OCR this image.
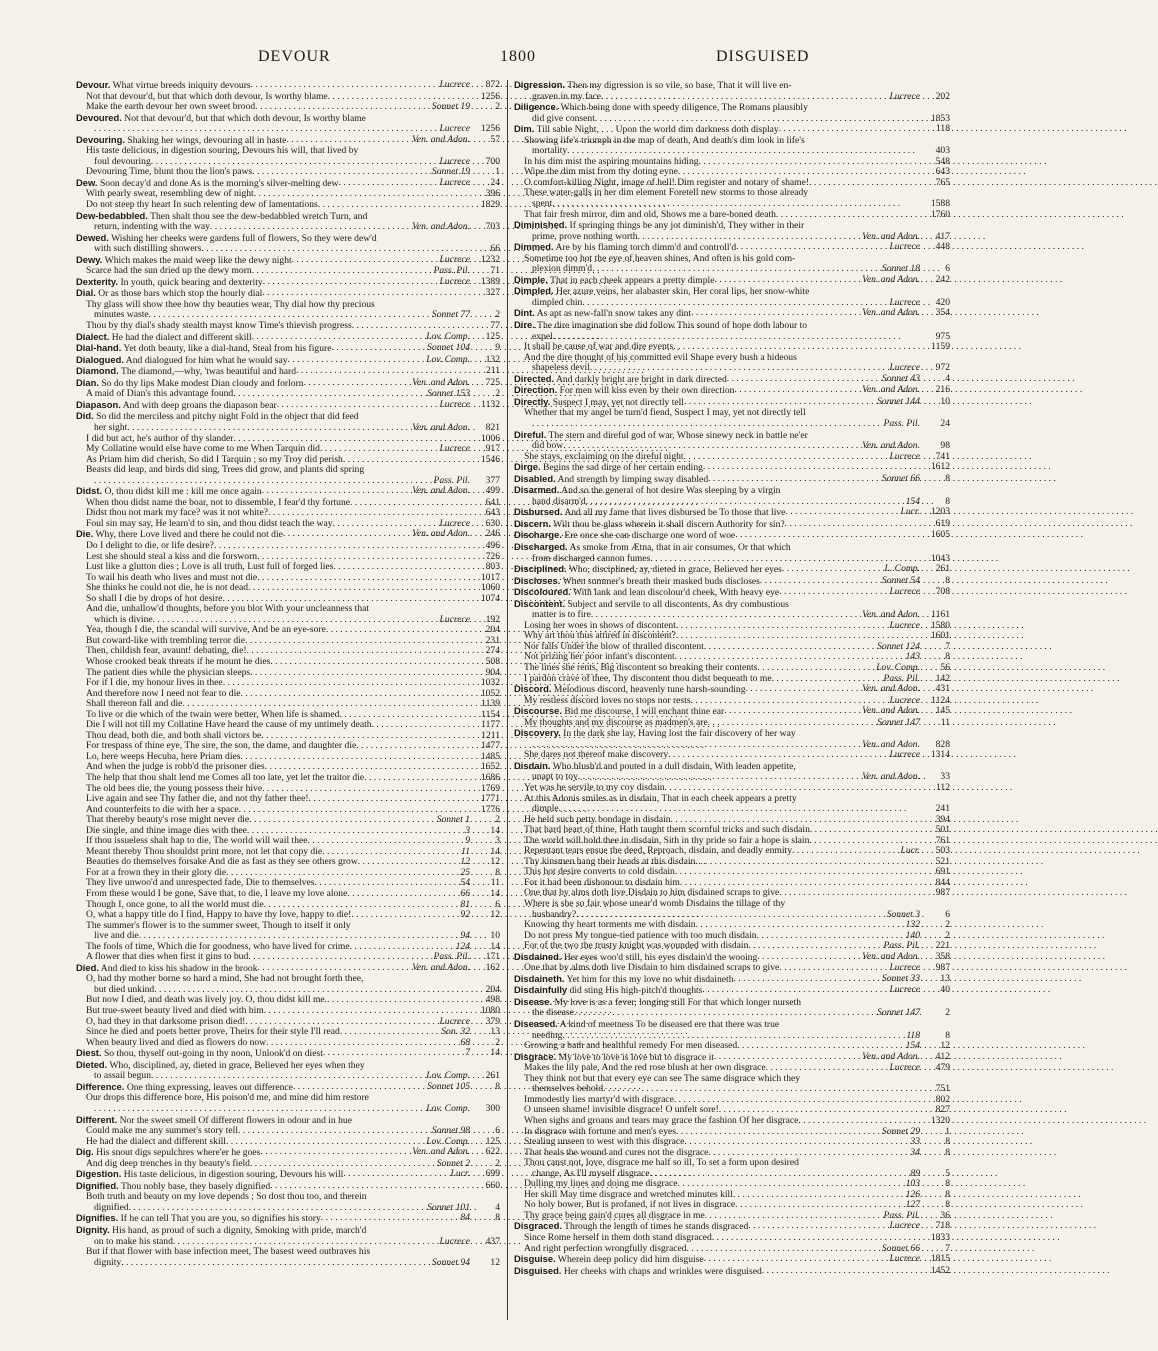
DEVOUR	1800	DISGUISED
Devour. What virtue breeds iniquity devours . . .	Lucrece	872
Not that devour'd, but that which doth devour, Is worthy blame . . .	1256
Make the earth devour her own sweet brood . . .	Sonnet 19	2
Devoured. Not that devour'd, but that which doth devour, Is worthy blame
. . .
Lucrece	1256
Devouring. Shaking her wings, devouring all in haste . . .	Ven. and Adon.	57
His taste delicious, in digestion souring, Devours his will, that lived by
foul devouring . . .	Lucrece	700
Devouring Time, blunt thou the lion's paws . . .	Sonnet 19	1
Dew. Soon decay'd and done As is the morning's silver-melting dew . . .	Lucrece	24
With pearly sweat, resembling dew of night . . .	396
Do not steep thy heart In such relenting dew of lamentations . . .	1829
Dew-bedabbled. Then shalt thou see the dew-bedabbled wretch Turn, and
return, indenting with the way . . .	Ven. and Adon.	703
Dewed. Wishing her cheeks were gardens full of flowers, So they were dew'd
with such distilling showers . . .	66
Dewy. Which makes the maid weep like the dewy night . . .	Lucrece	1232
Scarce had the sun dried up the dewy morn . . .	Pass. Pil.	71
Dexterity. In youth, quick bearing and dexterity . . .	Lucrece	1389
Dial. Or as those bars which stop the hourly dial . . .	327
Thy glass will show thee how thy beauties wear, Thy dial how thy precious
minutes waste . . .	Sonnet 77	2
Thou by thy dial's shady stealth mayst know Time's thievish progress . . .	77
Dialect. He had the dialect and different skill . . .	Lov. Comp.	125
Dial-hand. Yet doth beauty, like a dial-hand, Steal from his figure . . .	Sonnet 104	9
Dialogued. And dialogued for him what he would say . . .	Lov. Comp.	132
Diamond. The diamond,—why, 'twas beautiful and hard . . .	211
Dian. So do thy lips Make modest Dian cloudy and forlorn . . .	Ven. and Adon.	725
A maid of Dian's this advantage found . . .	Sonnet 153	2
Diapason. And with deep groans the diapason bear . . .	Lucrece	1132
Did. So did the merciless and pitchy night Fold in the object that did feed
her sight . . .	Ven. and Adon.	821
I did but act, he's author of thy slander . . .	1006
My Collatine would else have come to me When Tarquin did . . .	Lucrece	917
As Priam him did cherish, So did I Tarquin ; so my Troy did perish . . .	1546
Beasts did leap, and birds did sing, Trees did grow, and plants did spring
. . .
Pass. Pil.	377
Didst. O, thou didst kill me : kill me once again . . .	Ven. and Adon.	499
When thou didst name the boar, not to dissemble, I fear'd thy fortune . . .	641
Didst thou not mark my face? was it not white? . . .	643
Foul sin may say, He learn'd to sin, and thou didst teach the way . . .	Lucrece	630
Die. Why, there Love lived and there he could not die . . .	Ven. and Adon.	246
Do I delight to die, or life desire? . . .	496
Lest she should steal a kiss and die forsworn . . .	726
Lust like a glutton dies ; Love is all truth, Lust full of forged lies . . .	803
To wail his death who lives and must not die . . .	1017
She thinks he could not die, he is not dead . . .	1060
So shall I die by drops of hot desire . . .	1074
And die, unhallow'd thoughts, before you blot With your uncleanness that
which is divine . . .	Lucrece	192
Yea, though I die, the scandal will survive, And be an eye-sore . . .	204
But coward-like with trembling terror die . . .	231
Then, childish fear, avaunt! debating, die! . . .	274
Whose crooked beak threats if he mount he dies . . .	508
The patient dies while the physician sleeps . . .	904
For if I die, my honour lives in thee . . .	1032
And therefore now I need not fear to die . . .	1052
Shall thereon fall and die . . .	1139
To live or die which of the twain were better, When life is shamed . . .	1154
Die I will not till my Collatine Have heard the cause of my untimely death . . .	1177
Thou dead, both die, and both shall victors be . . .	1211
For trespass of thine eye, The sire, the son, the dame, and daughter die . . .	1477
Lo, here weeps Hecuba, here Priam dies . . .	1485
And when the judge is robb'd the prisoner dies . . .	1652
The help that thou shalt lend me Comes all too late, yet let the traitor die . . .	1686
The old bees die, the young possess their hive . . .	1769
Live again and see Thy father die, and not thy father thee! . . .	1771
And counterfeits to die with her a space . . .	1776
That thereby beauty's rose might never die . . .	Sonnet 1	2
Die single, and thine image dies with thee . . .	3	14
If thou issueless shalt hap to die, The world will wail thee . . .	9	3
Meant thereby Thou shouldst print more, not let that copy die . . .	11	14
Beauties do themselves forsake And die as fast as they see others grow . . .	12	12
For at a frown they in their glory die . . .	25	8
They live unwoo'd and unrespected fade, Die to themselves . . .	54	11
From these would I be gone, Save that, to die, I leave my love alone . . .	66	14
Though I, once gone, to all the world must die . . .	81	6
O, what a happy title do I find, Happy to have thy love, happy to die! . . .	92	12
The summer's flower is to the summer sweet, Though to itself it only
live and die . . .	94	10
The fools of time, Which die for goodness, who have lived for crime . . .	124	14
A flower that dies when first it gins to bud . . .	Pass. Pil.	171
Died. And died to kiss his shadow in the brook . . .	Ven. and Adon.	162
O, had thy mother borne so hard a mind, She had not brought forth thee,
but died unkind . . .	204
But now I died, and death was lively joy. O, thou didst kill me. . . .	498
But true-sweet beauty lived and died with him . . .	1080
O, had they in that darksome prison died! . . .	Lucrece	379
Since he died and poets better prove, Theirs for their style I'll read . . .	Son. 32	13
When beauty lived and died as flowers do now . . .	68	2
Diest. So thou, thyself out-going in thy noon, Unlook'd on diest . . .	7	14
Dieted. Who, disciplined, ay, dieted in grace, Believed her eyes when they
to assail begun . . .	Lov. Comp.	261
Difference. One thing expressing, leaves out difference . . .	Sonnet 105	8
Our drops this difference bore, His poison'd me, and mine did him restore
. . .
Lov. Comp.	300
Different. Nor the sweet smell Of different flowers in odour and in hue
Could make me any summer's story tell . . .	Sonnet 98	6
He had the dialect and different skill . . .	Lov. Comp.	125
Dig. His snout digs sepulchres where'er he goes . . .	Ven. and Adon.	622
And dig deep trenches in thy beauty's field . . .	Sonnet 2	2
Digestion. His taste delicious, in digestion souring, Devours his will . . .	Lucr.	699
Dignified. Thou nobly base, they basely dignified . . .	660
Both truth and beauty on my love depends ; So dost thou too, and therein
dignified . . .	Sonnet 101	4
Dignifies. If he can tell That you are you, so dignifies his story . . .	84	8
Dignity. His hand, as proud of such a dignity, Smoking with pride, march'd
on to make his stand . . .	Lucrece	437
But if that flower with base infection meet, The basest weed outbraves his
dignity . . .	Sonnet 94	12
Digression. Then my digression is so vile, so base, That it will live en-
graven in my face . . .	Lucrece	202
Diligence. Which being done with speedy diligence, The Romans plausibly
did give consent . . .	1853
Dim. Till sable Night, . . . Upon the world dim darkness doth display . . .	118
Showing life's triumph in the map of death, And death's dim look in life's
mortality . . .	403
In his dim mist the aspiring mountains hiding . . .	548
Wipe the dim mist from thy doting eyne . . .	643
O comfort-killing Night, image of hell! Dim register and notary of shame! . . .	765
These water-galls in her dim element Foretell new storms to those already
spent . . .	1588
That fair fresh mirror, dim and old, Shows me a bare-boned death . . .	1760
Diminished. If springing things be any jot diminish'd, They wither in their
prime, prove nothing worth . . .	Ven. and Adon.	417
Dimmed. Are by his flaming torch dimm'd and controll'd . . .	Lucrece	448
Sometime too hot the eye of heaven shines, And often is his gold com-
plexion dimm'd . . .	Sonnet 18	6
Dimple. That in each cheek appears a pretty dimple . . .	Ven. and Adon.	242
Dimpled. Her azure veins, her alabaster skin, Her coral lips, her snow-white
dimpled chin . . .	Lucrece	420
Dint. As apt as new-fall'n snow takes any dint . . .	Ven. and Adon.	354
Dire. The dire imagination she did follow This sound of hope doth labour to
expel . . .	975
It shall be cause of war and dire events . . .	1159
And the dire thought of his committed evil Shape every bush a hideous
shapeless devil . . .	Lucrece	972
Directed. And darkly bright are bright in dark directed . . .	Sonnet 43	4
Direction. For men will kiss even by their own direction . . .	Ven. and Adon.	216
Directly. Suspect I may, yet not directly tell . . .	Sonnet 144	10
Whether that my angel be turn'd fiend, Suspect I may, yet not directly tell
. . .
Pass. Pil.	24
Direful. The stern and direful god of war, Whose sinewy neck in battle ne'er
did bow . . .	Ven. and Adon.	98
She stays, exclaiming on the direful night . . .	Lucrece	741
Dirge. Begins the sad dirge of her certain ending . . .	1612
Disabled. And strength by limping sway disabled . . .	Sonnet 66	8
Disarmed. And so the general of hot desire Was sleeping by a virgin
hand disarm'd . . .	154	8
Disbursed. And all my fame that lives disbursed be To those that live . . .	Lucr.	1203
Discern. Wilt thou be glass wherein it shall discern Authority for sin? . . .	619
Discharge. Ere once she can discharge one word of woe . . .	1605
Discharged. As smoke from Ætna, that in air consumes, Or that which
from discharged cannon fumes . . .	1043
Disciplined. Who, disciplined, ay, dieted in grace, Believed her eyes . . .	L. Comp.	261
Discloses. When summer's breath their masked buds discloses . . .	Sonnet 54	8
Discoloured. With lank and lean discolour'd cheek, With heavy eye . . .	Lucrece	708
Discontent. Subject and servile to all discontents, As dry combustious
matter is to fire . . .	Ven. and Adon.	1161
Losing her woes in shows of discontent . . .	Lucrece	1580
Why art thou thus attired in discontent? . . .	1601
Nor falls Under the blow of thralled discontent . . .	Sonnet 124	7
Not prizing her poor infant's discontent . . .	143	8
The lines she rents, Big discontent so breaking their contents . . .	Lov. Comp.	56
I pardon crave of thee, Thy discontent thou didst bequeath to me . . .	Pass. Pil.	142
Discord. Melodious discord, heavenly tune harsh-sounding . . .	Ven. and Adon.	431
My restless discord loves no stops nor rests . . .	Lucrece	1124
Discourse. Bid me discourse, I will enchant thine ear . . .	Ven. and Adon.	145
My thoughts and my discourse as madmen's are . . .	Sonnet 147	11
Discovery. In the dark she lay, Having lost the fair discovery of her way
. . .
Ven. and Adon.	828
She dares not thereof make discovery . . .	Lucrece	1314
Disdain. Who blush'd and pouted in a dull disdain, With leaden appetite,
unapt to toy . . .	Ven. and Adon.	33
Yet was he servile to my coy disdain . . .	112
At this Adonis smiles as in disdain, That in each cheek appears a pretty
dimple . . .	241
He held such petty bondage in disdain . . .	394
That hard heart of thine, Hath taught them scornful tricks and such disdain . . .	501
The world will hold thee in disdain, Sith in thy pride so fair a hope is slain . . .	761
Repentant tears ensue the deed, Reproach, disdain, and deadly enmity . . .	Lucr.	503
Thy kinsmen hang their heads at this disdain . . .	521
This hot desire converts to cold disdain . . .	691
For it had been dishonour to disdain him . . .	844
One that by alms doth live Disdain to him disdained scraps to give . . .	987
Where is she so fair whose unear'd womb Disdains the tillage of thy
husbandry? . . .	Sonnet 3	6
Knowing thy heart torments me with disdain . . .	132	2
Do not press My tongue-tied patience with too much disdain . . .	140	2
For of the two the trusty knight was wounded with disdain . . .	Pass. Pil.	221
Disdained. Her eyes woo'd still, his eyes disdain'd the wooing . . .	Ven. and Adon.	358
One that by alms doth live Disdain to him disdained scraps to give . . .	Lucrece	987
Disdaineth. Yet him for this my love no whit disdaineth . . .	Sonnet 33	13
Disdainfully did sting His high-pitch'd thoughts . . .	Lucrece	40
Disease. My love is as a fever, longing still For that which longer nurseth
the disease . . .	Sonnet 147	2
Diseased. A kind of meetness To be diseased ere that there was true
needing . . .	118	8
Growing a bath and healthful remedy For men diseased . . .	154	12
Disgrace. My love to love is love but to disgrace it . . .	Ven. and Adon.	412
Makes the lily pale, And the red rose blush at her own disgrace . . .	Lucrece	479
They think not but that every eye can see The same disgrace which they
themselves behold . . .	751
Immodestly lies martyr'd with disgrace . . .	802
O unseen shame! invisible disgrace! O unfelt sore! . . .	827
When sighs and groans and tears may grace the fashion Of her disgrace . . .	1320
In disgrace with fortune and men's eyes . . .	Sonnet 29	1
Stealing unseen to west with this disgrace . . .	33	8
That heals the wound and cures not the disgrace . . .	34	8
Thou canst not, love, disgrace me half so ill, To set a form upon desired
change, As I'll myself disgrace . . .	89	5
Dulling my lines and doing me disgrace . . .	103	8
Her skill May time disgrace and wretched minutes kill . . .	126	8
No holy bower, But is profaned, if not lives in disgrace . . .	127	8
Thy grace being gain'd cures all disgrace in me . . .	Pass. Pil.	36
Disgraced. Through the length of times he stands disgraced . . .	Lucrece	718
Since Rome herself in them doth stand disgraced . . .	1833
And right perfection wrongfully disgraced . . .	Sonnet 66	7
Disguise. Wherein deep policy did him disguise . . .	Lucrece	1815
Disguised. Her cheeks with chaps and wrinkles were disguised . . .	1452
